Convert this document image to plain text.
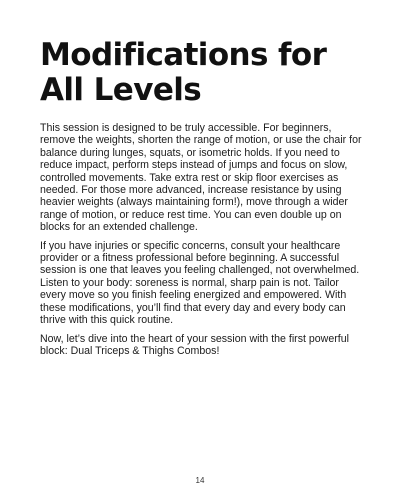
Modifications for All Levels

This session is designed to be truly accessible. For beginners, remove the weights, shorten the range of motion, or use the chair for balance during lunges, squats, or isometric holds. If you need to reduce impact, perform steps instead of jumps and focus on slow, controlled movements. Take extra rest or skip floor exercises as needed. For those more advanced, increase resistance by using heavier weights (always maintaining form!), move through a wider range of motion, or reduce rest time. You can even double up on blocks for an extended challenge.

If you have injuries or specific concerns, consult your healthcare provider or a fitness professional before beginning. A successful session is one that leaves you feeling challenged, not overwhelmed. Listen to your body: soreness is normal, sharp pain is not. Tailor every move so you finish feeling energized and empowered. With these modifications, you’ll find that every day and every body can thrive with this quick routine.

Now, let’s dive into the heart of your session with the first powerful block: Dual Triceps & Thighs Combos!

14
